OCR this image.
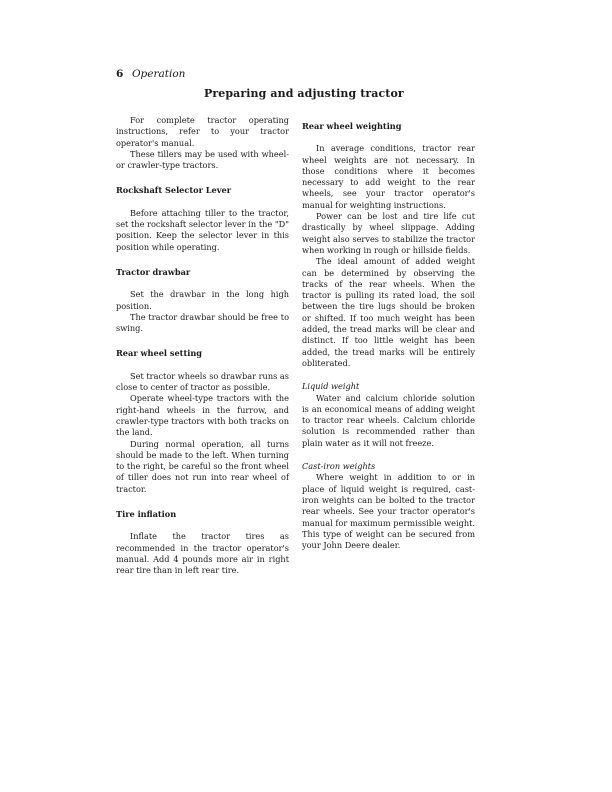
6 Operation
Preparing and adjusting tractor

For complete tractor operating instructions, refer to your tractor operator's manual.

These tillers may be used with wheel- or crawler-type tractors.

Rockshaft Selector Lever

Before attaching tiller to the tractor, set the rockshaft selector lever in the "D" position. Keep the selector lever in this position while operating.

Tractor drawbar

Set the drawbar in the long high position.

The tractor drawbar should be free to swing.

Rear wheel setting

Set tractor wheels so drawbar runs as close to center of tractor as possible.

Operate wheel-type tractors with the right-hand wheels in the furrow, and crawler-type tractors with both tracks on the land.

During normal operation, all turns should be made to the left. When turning to the right, be careful so the front wheel of tiller does not run into rear wheel of tractor.

Tire inflation

Inflate the tractor tires as recommended in the tractor operator's manual. Add 4 pounds more air in right rear tire than in left rear tire.

Rear wheel weighting

In average conditions, tractor rear wheel weights are not necessary. In those conditions where it becomes necessary to add weight to the rear wheels, see your tractor operator's manual for weighting instructions.

Power can be lost and tire life cut drastically by wheel slippage. Adding weight also serves to stabilize the tractor when working in rough or hillside fields.

The ideal amount of added weight can be determined by observing the tracks of the rear wheels. When the tractor is pulling its rated load, the soil between the tire lugs should be broken or shifted. If too much weight has been added, the tread marks will be clear and distinct. If too little weight has been added, the tread marks will be entirely obliterated.

Liquid weight

Water and calcium chloride solution is an economical means of adding weight to tractor rear wheels. Calcium chloride solution is recommended rather than plain water as it will not freeze.

Cast-iron weights

Where weight in addition to or in place of liquid weight is required, cast-iron weights can be bolted to the tractor rear wheels. See your tractor operator's manual for maximum permissible weight. This type of weight can be secured from your John Deere dealer.
